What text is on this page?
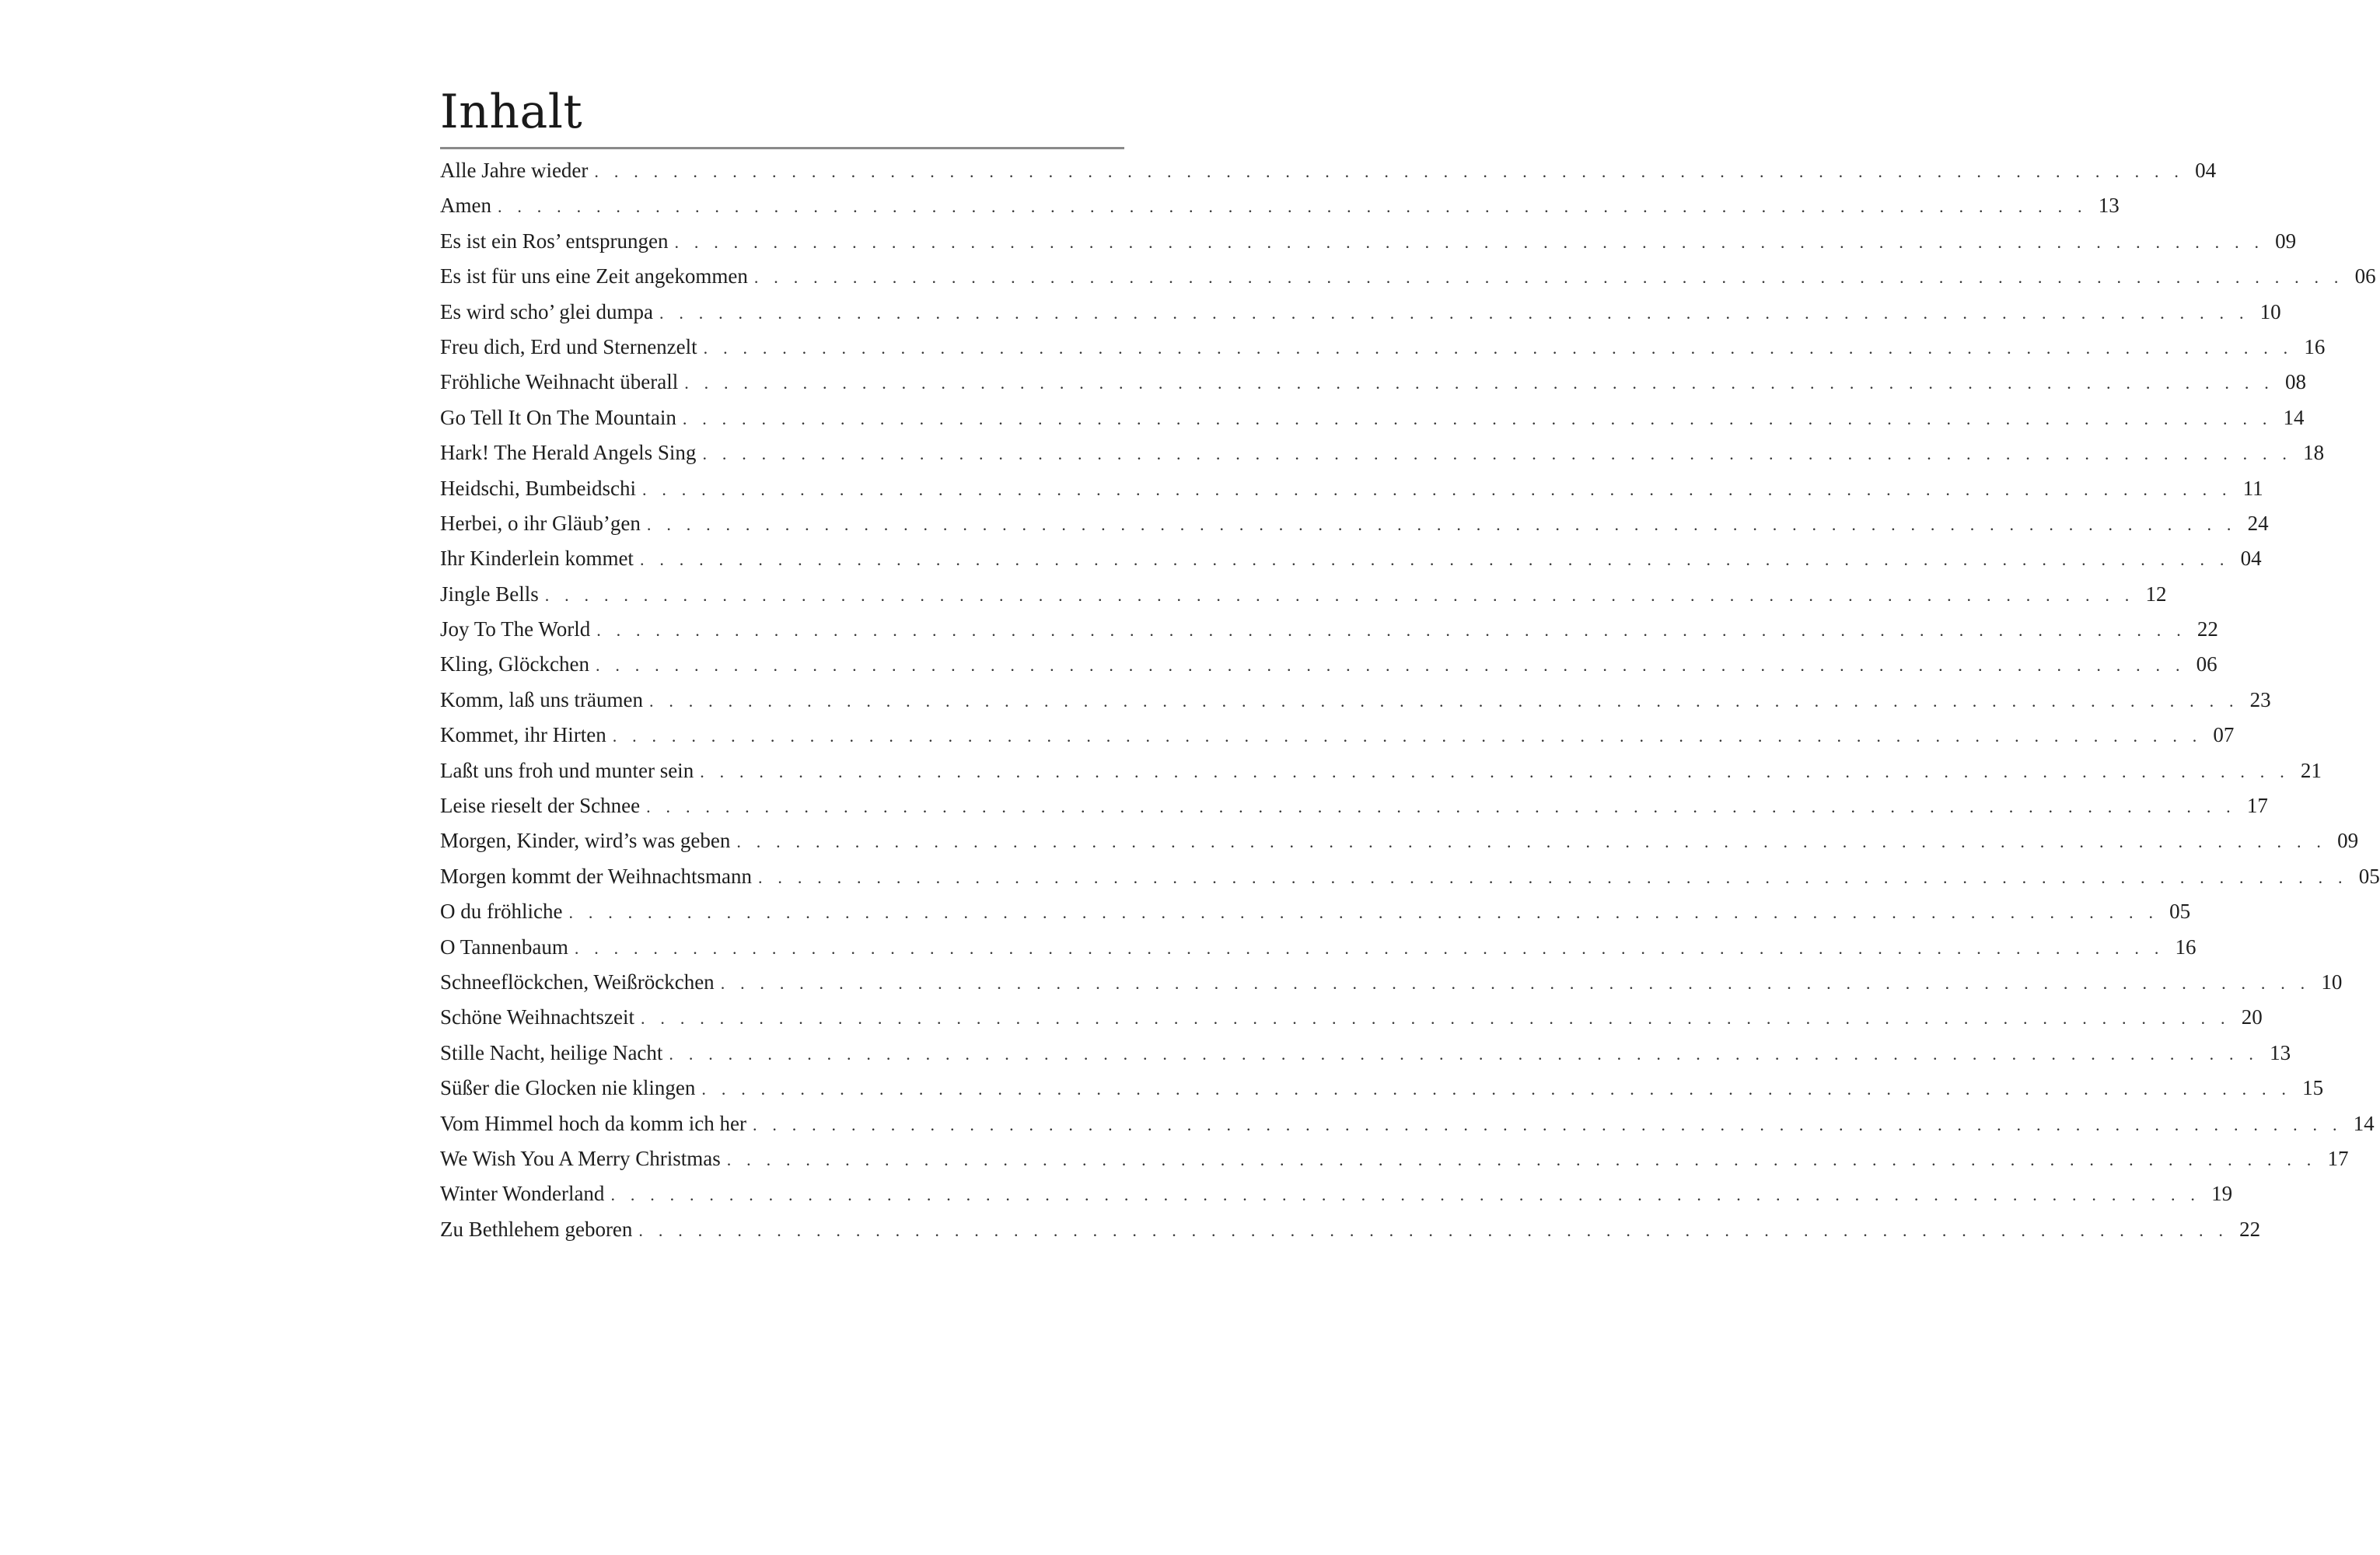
Inhalt
Alle Jahre wieder . . . . . . . . . . . . . . . . . . . . . . . . . . . . . . . . . . . . . . . . . . . . . . . . . . . . . . . . . . . . . . . . . . . . . . . . . . . . . . . . . 04
Amen . . . . . . . . . . . . . . . . . . . . . . . . . . . . . . . . . . . . . . . . . . . . . . . . . . . . . . . . . . . . . . . . . . . . . . . . . . . . . . . . . 13
Es ist ein Ros’ entsprungen . . . . . . . . . . . . . . . . . . . . . . . . . . . . . . . . . . . . . . . . . . . . . . . . . . . . . . . . . . . . . . . . . . . . . . . . . . . . . . . . . 09
Es ist für uns eine Zeit angekommen . . . . . . . . . . . . . . . . . . . . . . . . . . . . . . . . . . . . . . . . . . . . . . . . . . . . . . . . . . . . . . . . . . . . . . . . . . . . . . . . . 06
Es wird scho’ glei dumpa . . . . . . . . . . . . . . . . . . . . . . . . . . . . . . . . . . . . . . . . . . . . . . . . . . . . . . . . . . . . . . . . . . . . . . . . . . . . . . . . . 10
Freu dich, Erd und Sternenzelt . . . . . . . . . . . . . . . . . . . . . . . . . . . . . . . . . . . . . . . . . . . . . . . . . . . . . . . . . . . . . . . . . . . . . . . . . . . . . . . . . 16
Fröhliche Weihnacht überall . . . . . . . . . . . . . . . . . . . . . . . . . . . . . . . . . . . . . . . . . . . . . . . . . . . . . . . . . . . . . . . . . . . . . . . . . . . . . . . . . 08
Go Tell It On The Mountain . . . . . . . . . . . . . . . . . . . . . . . . . . . . . . . . . . . . . . . . . . . . . . . . . . . . . . . . . . . . . . . . . . . . . . . . . . . . . . . . . 14
Hark! The Herald Angels Sing . . . . . . . . . . . . . . . . . . . . . . . . . . . . . . . . . . . . . . . . . . . . . . . . . . . . . . . . . . . . . . . . . . . . . . . . . . . . . . . . . 18
Heidschi, Bumbeidschi . . . . . . . . . . . . . . . . . . . . . . . . . . . . . . . . . . . . . . . . . . . . . . . . . . . . . . . . . . . . . . . . . . . . . . . . . . . . . . . . . 11
Herbei, o ihr Gläub’gen . . . . . . . . . . . . . . . . . . . . . . . . . . . . . . . . . . . . . . . . . . . . . . . . . . . . . . . . . . . . . . . . . . . . . . . . . . . . . . . . . 24
Ihr Kinderlein kommet . . . . . . . . . . . . . . . . . . . . . . . . . . . . . . . . . . . . . . . . . . . . . . . . . . . . . . . . . . . . . . . . . . . . . . . . . . . . . . . . . 04
Jingle Bells . . . . . . . . . . . . . . . . . . . . . . . . . . . . . . . . . . . . . . . . . . . . . . . . . . . . . . . . . . . . . . . . . . . . . . . . . . . . . . . . . 12
Joy To The World . . . . . . . . . . . . . . . . . . . . . . . . . . . . . . . . . . . . . . . . . . . . . . . . . . . . . . . . . . . . . . . . . . . . . . . . . . . . . . . . . 22
Kling, Glöckchen . . . . . . . . . . . . . . . . . . . . . . . . . . . . . . . . . . . . . . . . . . . . . . . . . . . . . . . . . . . . . . . . . . . . . . . . . . . . . . . . . 06
Komm, laß uns träumen . . . . . . . . . . . . . . . . . . . . . . . . . . . . . . . . . . . . . . . . . . . . . . . . . . . . . . . . . . . . . . . . . . . . . . . . . . . . . . . . . 23
Kommet, ihr Hirten . . . . . . . . . . . . . . . . . . . . . . . . . . . . . . . . . . . . . . . . . . . . . . . . . . . . . . . . . . . . . . . . . . . . . . . . . . . . . . . . . 07
Laßt uns froh und munter sein . . . . . . . . . . . . . . . . . . . . . . . . . . . . . . . . . . . . . . . . . . . . . . . . . . . . . . . . . . . . . . . . . . . . . . . . . . . . . . . . . 21
Leise rieselt der Schnee . . . . . . . . . . . . . . . . . . . . . . . . . . . . . . . . . . . . . . . . . . . . . . . . . . . . . . . . . . . . . . . . . . . . . . . . . . . . . . . . . 17
Morgen, Kinder, wird’s was geben . . . . . . . . . . . . . . . . . . . . . . . . . . . . . . . . . . . . . . . . . . . . . . . . . . . . . . . . . . . . . . . . . . . . . . . . . . . . . . . . . 09
Morgen kommt der Weihnachtsmann . . . . . . . . . . . . . . . . . . . . . . . . . . . . . . . . . . . . . . . . . . . . . . . . . . . . . . . . . . . . . . . . . . . . . . . . . . . . . . . . . 05
O du fröhliche . . . . . . . . . . . . . . . . . . . . . . . . . . . . . . . . . . . . . . . . . . . . . . . . . . . . . . . . . . . . . . . . . . . . . . . . . . . . . . . . . 05
O Tannenbaum . . . . . . . . . . . . . . . . . . . . . . . . . . . . . . . . . . . . . . . . . . . . . . . . . . . . . . . . . . . . . . . . . . . . . . . . . . . . . . . . . 16
Schneeflöckchen, Weißröckchen . . . . . . . . . . . . . . . . . . . . . . . . . . . . . . . . . . . . . . . . . . . . . . . . . . . . . . . . . . . . . . . . . . . . . . . . . . . . . . . . . 10
Schöne Weihnachtszeit . . . . . . . . . . . . . . . . . . . . . . . . . . . . . . . . . . . . . . . . . . . . . . . . . . . . . . . . . . . . . . . . . . . . . . . . . . . . . . . . . 20
Stille Nacht, heilige Nacht . . . . . . . . . . . . . . . . . . . . . . . . . . . . . . . . . . . . . . . . . . . . . . . . . . . . . . . . . . . . . . . . . . . . . . . . . . . . . . . . . 13
Süßer die Glocken nie klingen . . . . . . . . . . . . . . . . . . . . . . . . . . . . . . . . . . . . . . . . . . . . . . . . . . . . . . . . . . . . . . . . . . . . . . . . . . . . . . . . . 15
Vom Himmel hoch da komm ich her . . . . . . . . . . . . . . . . . . . . . . . . . . . . . . . . . . . . . . . . . . . . . . . . . . . . . . . . . . . . . . . . . . . . . . . . . . . . . . . . . 14
We Wish You A Merry Christmas . . . . . . . . . . . . . . . . . . . . . . . . . . . . . . . . . . . . . . . . . . . . . . . . . . . . . . . . . . . . . . . . . . . . . . . . . . . . . . . . . 17
Winter Wonderland . . . . . . . . . . . . . . . . . . . . . . . . . . . . . . . . . . . . . . . . . . . . . . . . . . . . . . . . . . . . . . . . . . . . . . . . . . . . . . . . . 19
Zu Bethlehem geboren . . . . . . . . . . . . . . . . . . . . . . . . . . . . . . . . . . . . . . . . . . . . . . . . . . . . . . . . . . . . . . . . . . . . . . . . . . . . . . . . . 22
